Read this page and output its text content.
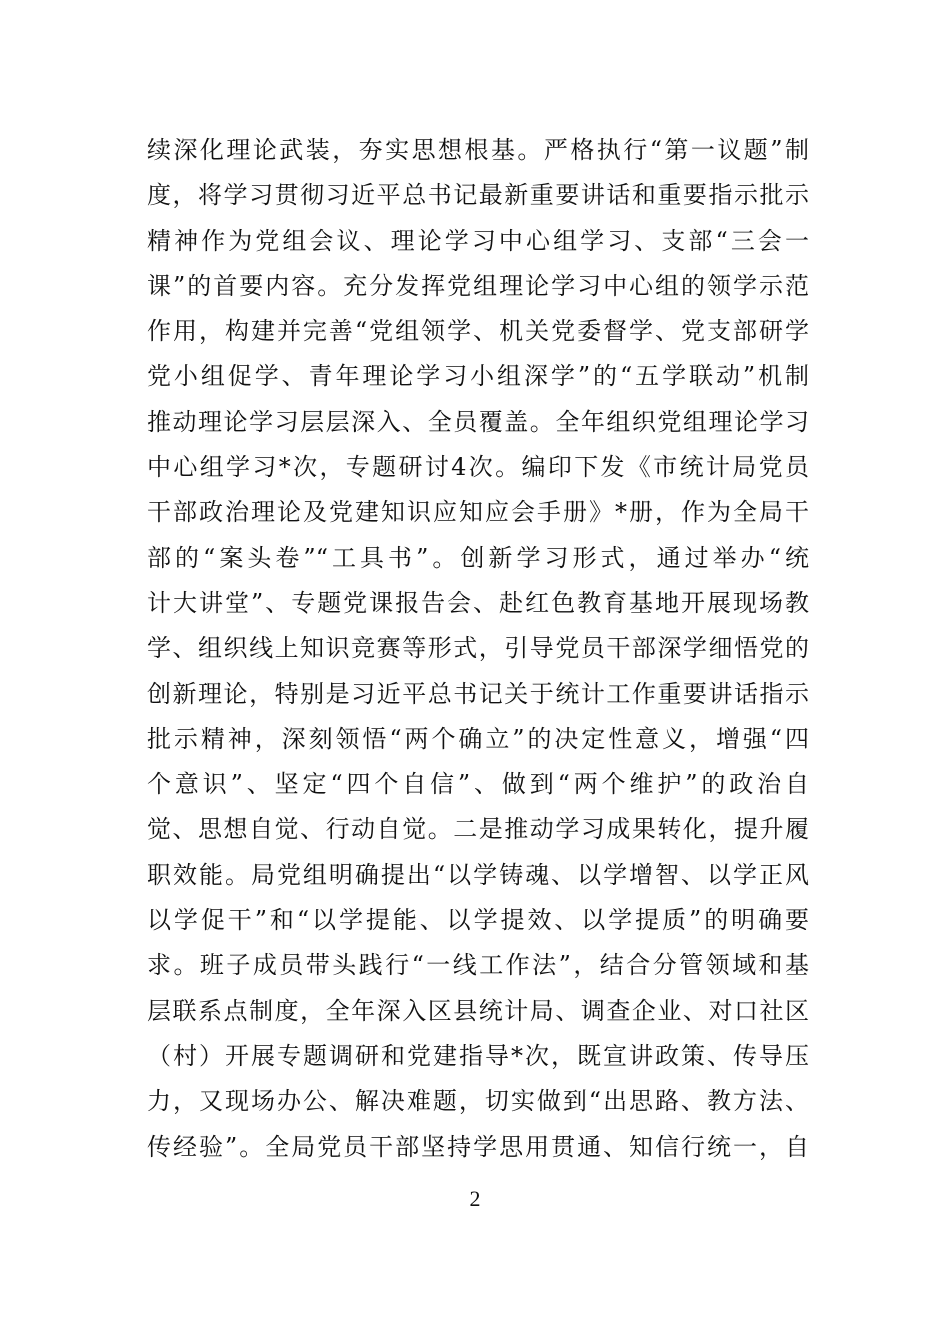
续深化理论武装，夯实思想根基。严格执行“第一议题”制
度，将学习贯彻习近平总书记最新重要讲话和重要指示批示
精神作为党组会议、理论学习中心组学习、支部“三会一
课”的首要内容。充分发挥党组理论学习中心组的领学示范
作用，构建并完善“党组领学、机关党委督学、党支部研学
党小组促学、青年理论学习小组深学”的“五学联动”机制
推动理论学习层层深入、全员覆盖。全年组织党组理论学习
中心组学习*次，专题研讨4次。编印下发《市统计局党员
干部政治理论及党建知识应知应会手册》*册，作为全局干
部的“案头卷”“工具书”。创新学习形式，通过举办“统
计大讲堂”、专题党课报告会、赴红色教育基地开展现场教
学、组织线上知识竞赛等形式，引导党员干部深学细悟党的
创新理论，特别是习近平总书记关于统计工作重要讲话指示
批示精神，深刻领悟“两个确立”的决定性意义，增强“四
个意识”、坚定“四个自信”、做到“两个维护”的政治自
觉、思想自觉、行动自觉。二是推动学习成果转化，提升履
职效能。局党组明确提出“以学铸魂、以学增智、以学正风
以学促干”和“以学提能、以学提效、以学提质”的明确要
求。班子成员带头践行“一线工作法”，结合分管领域和基
层联系点制度，全年深入区县统计局、调查企业、对口社区
（村）开展专题调研和党建指导*次，既宣讲政策、传导压
力，又现场办公、解决难题，切实做到“出思路、教方法、
传经验”。全局党员干部坚持学思用贯通、知信行统一，自
2
